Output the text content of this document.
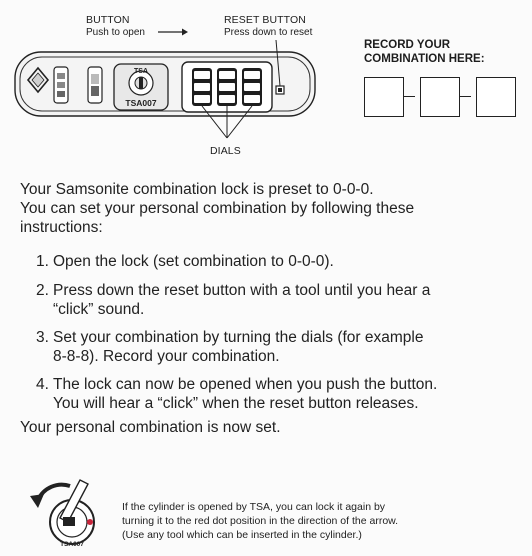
BUTTON
Push to open
RESET BUTTON
Press down to reset
TSA
TSA007
DIALS
RECORD YOUR
COMBINATION HERE:
Your Samsonite combination lock is preset to 0-0-0.
You can set your personal combination by following these
instructions:
1. Open the lock (set combination to 0-0-0).
2. Press down the reset button with a tool until you hear a
“click” sound.
3. Set your combination by turning the dials (for example
8-8-8). Record your combination.
4. The lock can now be opened when you push the button.
You will hear a “click” when the reset button releases.
Your personal combination is now set.
TSA007
If the cylinder is opened by TSA, you can lock it again by
turning it to the red dot position in the direction of the arrow.
(Use any tool which can be inserted in the cylinder.)
